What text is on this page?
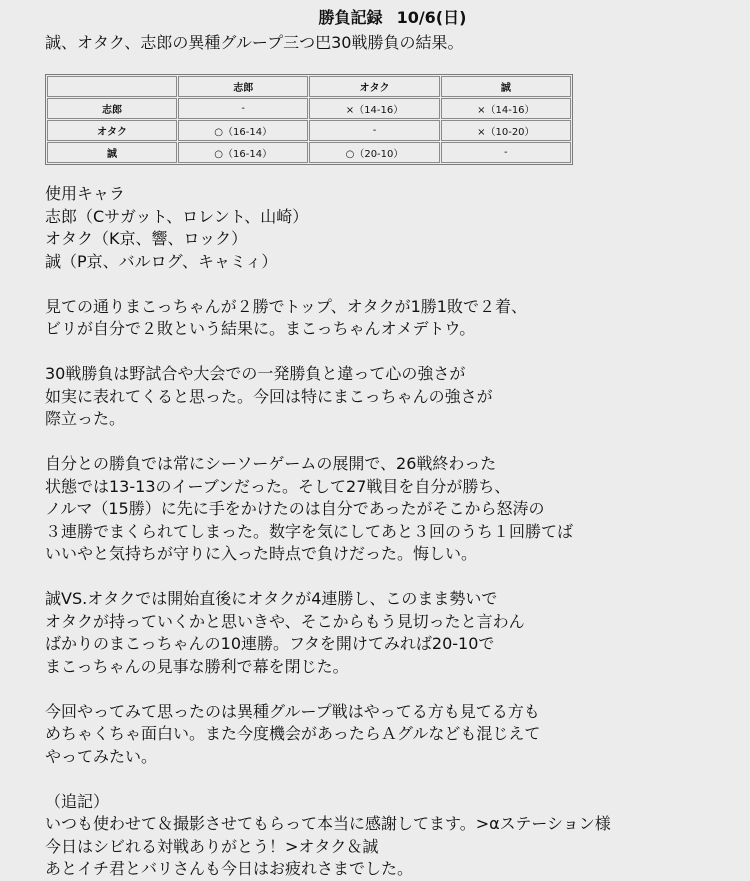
勝負記録 10/6(日)
誠、オタク、志郎の異種グループ三つ巴30戦勝負の結果。
	志郎	オタク	誠
志郎	-	×（14-16）	×（14-16）
オタク	○（16-14）	-	×（10-20）
誠	○（16-14）	○（20-10）	-
使用キャラ
志郎（Cサガット、ロレント、山崎）
オタク（K京、響、ロック）
誠（P京、バルログ、キャミィ）
見ての通りまこっちゃんが２勝でトップ、オタクが1勝1敗で２着、
ビリが自分で２敗という結果に。まこっちゃんオメデトウ。
30戦勝負は野試合や大会での一発勝負と違って心の強さが
如実に表れてくると思った。今回は特にまこっちゃんの強さが
際立った。
自分との勝負では常にシーソーゲームの展開で、26戦終わった
状態では13-13のイーブンだった。そして27戦目を自分が勝ち、
ノルマ（15勝）に先に手をかけたのは自分であったがそこから怒涛の
３連勝でまくられてしまった。数字を気にしてあと３回のうち１回勝てば
いいやと気持ちが守りに入った時点で負けだった。悔しい。
誠VS.オタクでは開始直後にオタクが4連勝し、このまま勢いで
オタクが持っていくかと思いきや、そこからもう見切ったと言わん
ばかりのまこっちゃんの10連勝。フタを開けてみれば20-10で
まこっちゃんの見事な勝利で幕を閉じた。
今回やってみて思ったのは異種グループ戦はやってる方も見てる方も
めちゃくちゃ面白い。また今度機会があったらＡグルなども混じえて
やってみたい。
（追記）
いつも使わせて＆撮影させてもらって本当に感謝してます。>αステーション様
今日はシビれる対戦ありがとう！>オタク＆誠
あとイチ君とバリさんも今日はお疲れさまでした。
